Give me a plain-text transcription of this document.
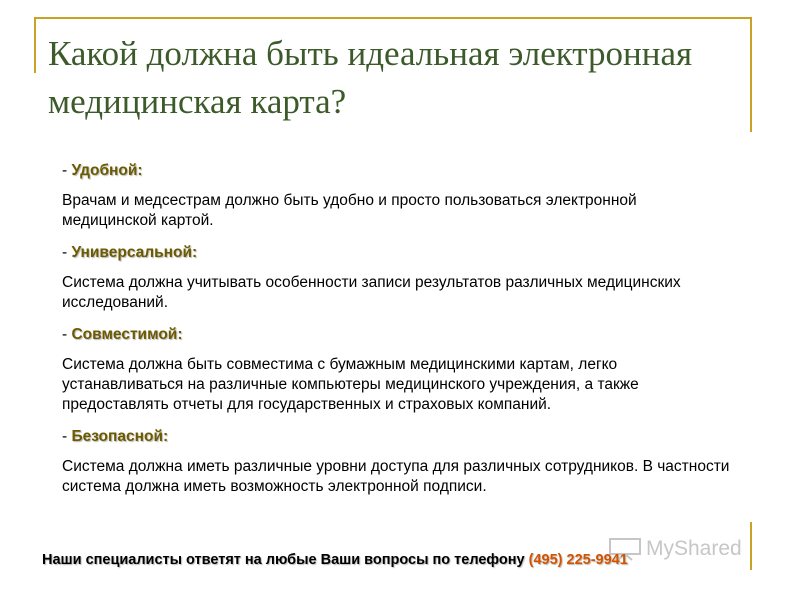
Какой должна быть идеальная электронная медицинская карта?

- Удобной:

Врачам и медсестрам должно быть удобно и просто пользоваться электронной медицинской картой.

- Универсальной:

Система должна учитывать особенности записи результатов различных медицинских исследований.

- Совместимой:

Система должна быть совместима с бумажным медицинскими картам, легко устанавливаться на различные компьютеры медицинского учреждения, а также предоставлять отчеты для государственных и страховых компаний.

- Безопасной:

Система должна иметь различные уровни доступа для различных сотрудников. В частности система должна иметь возможность электронной подписи.

MyShared
Наши специалисты ответят на любые Ваши вопросы по телефону (495) 225-9941
